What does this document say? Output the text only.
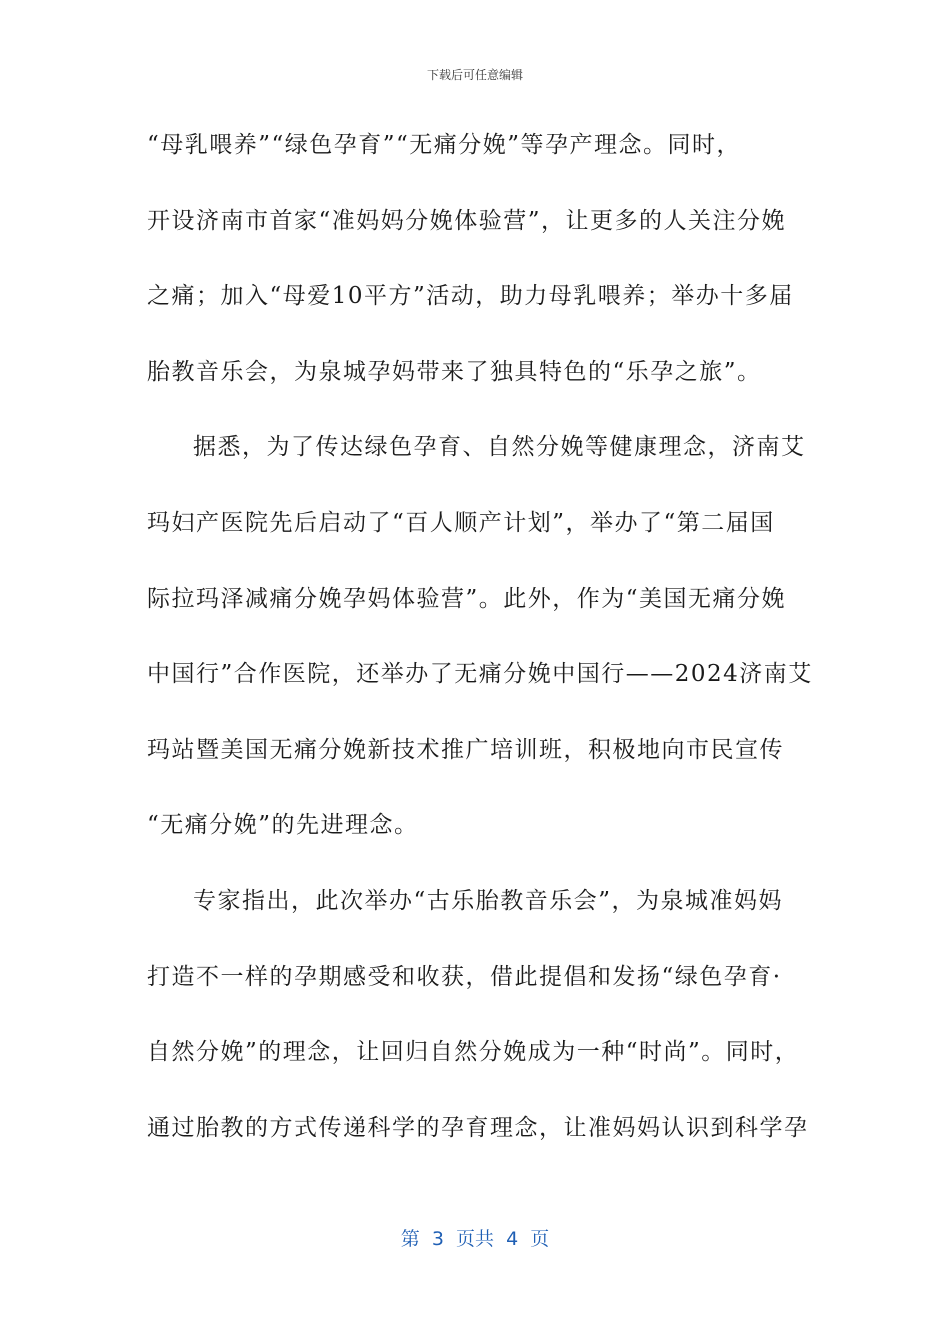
下载后可任意编辑
“母乳喂养”“绿色孕育”“无痛分娩”等孕产理念。同时，
开设济南市首家“准妈妈分娩体验营”，让更多的人关注分娩
之痛；加入“母爱10平方”活动，助力母乳喂养；举办十多届
胎教音乐会，为泉城孕妈带来了独具特色的“乐孕之旅”。
据悉，为了传达绿色孕育、自然分娩等健康理念，济南艾
玛妇产医院先后启动了“百人顺产计划”，举办了“第二届国
际拉玛泽减痛分娩孕妈体验营”。此外，作为“美国无痛分娩
中国行”合作医院，还举办了无痛分娩中国行——2024济南艾
玛站暨美国无痛分娩新技术推广培训班，积极地向市民宣传
“无痛分娩”的先进理念。
专家指出，此次举办“古乐胎教音乐会”，为泉城准妈妈
打造不一样的孕期感受和收获，借此提倡和发扬“绿色孕育·
自然分娩”的理念，让回归自然分娩成为一种“时尚”。同时，
通过胎教的方式传递科学的孕育理念，让准妈妈认识到科学孕
第  3  页共  4  页
